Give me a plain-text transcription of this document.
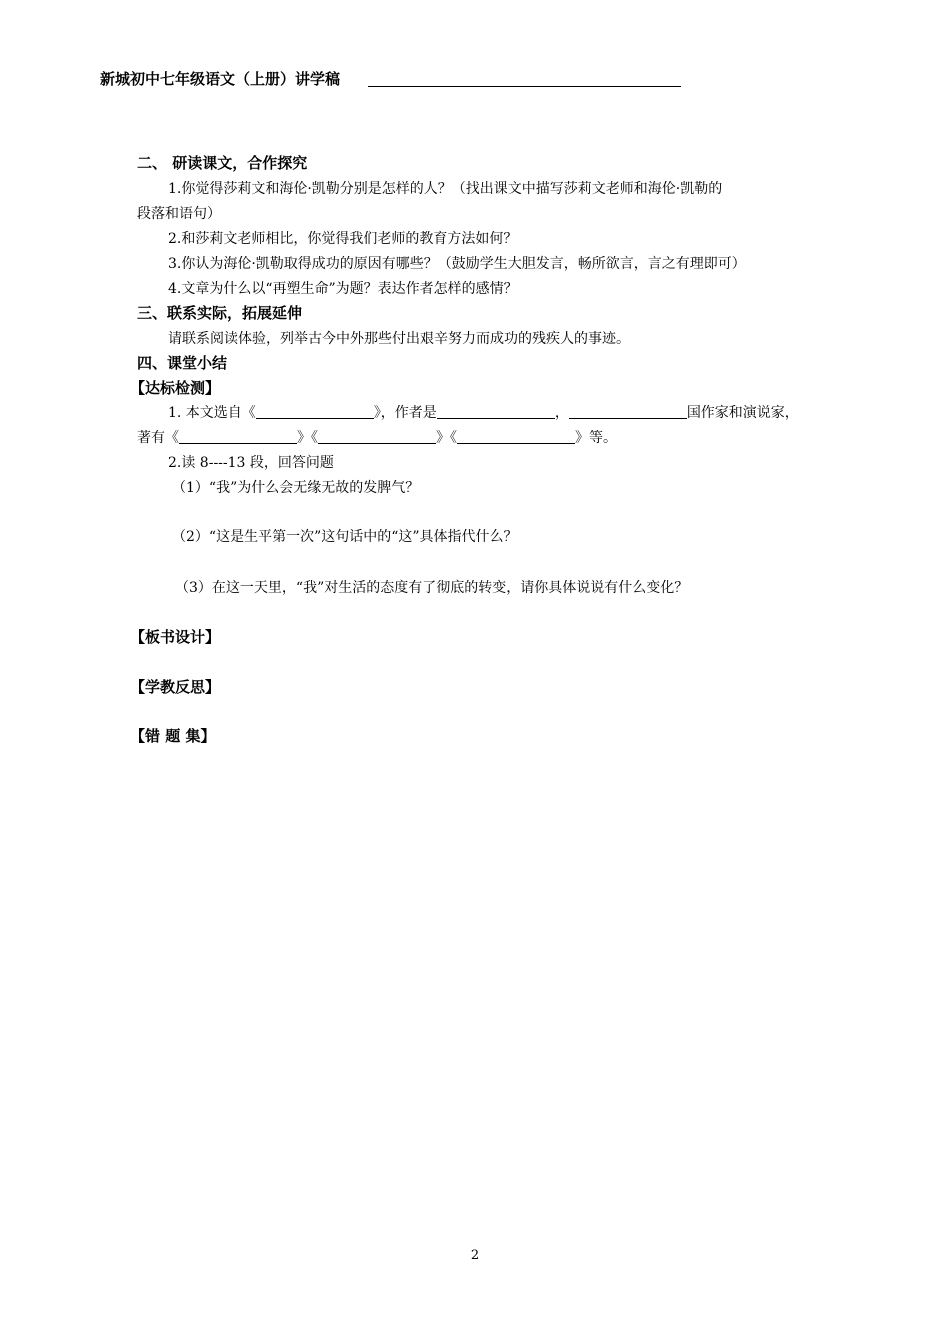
新城初中七年级语文（上册）讲学稿
二、 研读课文，合作探究
1.你觉得莎莉文和海伦·凯勒分别是怎样的人？（找出课文中描写莎莉文老师和海伦·凯勒的
段落和语句）
2.和莎莉文老师相比，你觉得我们老师的教育方法如何？
3.你认为海伦·凯勒取得成功的原因有哪些？（鼓励学生大胆发言，畅所欲言，言之有理即可）
4.文章为什么以“再塑生命”为题？表达作者怎样的感情？
三、联系实际，拓展延伸
请联系阅读体验，列举古今中外那些付出艰辛努力而成功的残疾人的事迹。
四、课堂小结
【达标检测】
1. 本文选自《	》，作者是	，	国作家和演说家，
著有《	》《	》《	》等。
2.读 8----13 段，回答问题
（1）“我”为什么会无缘无故的发脾气？
（2）“这是生平第一次”这句话中的“这”具体指代什么？
（3）在这一天里，“我”对生活的态度有了彻底的转变，请你具体说说有什么变化？
【板书设计】
【学教反思】
【错 题 集】
2
